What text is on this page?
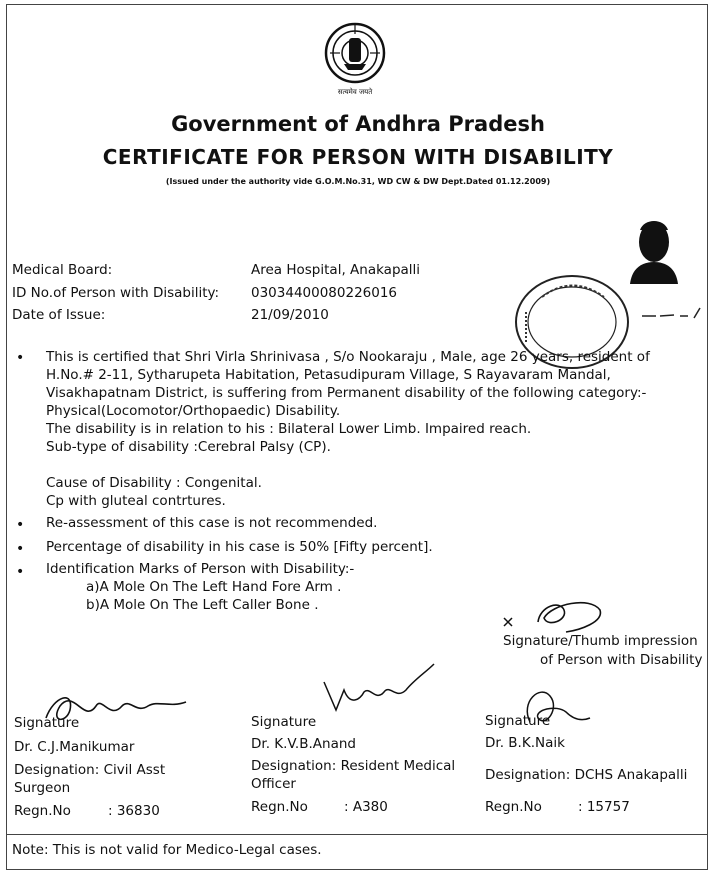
सत्यमेव जयते
Government of Andhra Pradesh
CERTIFICATE FOR PERSON WITH DISABILITY
(Issued under the authority vide G.O.M.No.31, WD CW & DW Dept.Dated 01.12.2009)
Medical Board:	Area Hospital, Anakapalli
ID No.of Person with Disability: 03034400080226016
Date of Issue:	21/09/2010
• This is certified that Shri Virla Shrinivasa , S/o Nookaraju , Male, age 26 years, resident of
H.No.# 2-11, Sytharupeta Habitation, Petasudipuram Village, S Rayavaram Mandal,
Visakhapatnam District, is suffering from Permanent disability of the following category:-
Physical(Locomotor/Orthopaedic) Disability.
The disability is in relation to his : Bilateral Lower Limb. Impaired reach.
Sub-type of disability :Cerebral Palsy (CP).
Cause of Disability : Congenital.
Cp with gluteal contrtures.
• Re-assessment of this case is not recommended.
• Percentage of disability in his case is 50% [Fifty percent].
• Identification Marks of Person with Disability:-
a)A Mole On The Left Hand Fore Arm .
b)A Mole On The Left Caller Bone .
Signature/Thumb impression
of Person with Disability
Signature
Dr. C.J.Manikumar
Designation: Civil Asst
Surgeon
Regn.No	: 36830
Signature
Dr. K.V.B.Anand
Designation: Resident Medical
Officer
Regn.No	: A380
Signature
Dr. B.K.Naik
Designation: DCHS Anakapalli
Regn.No	: 15757
Note: This is not valid for Medico-Legal cases.
